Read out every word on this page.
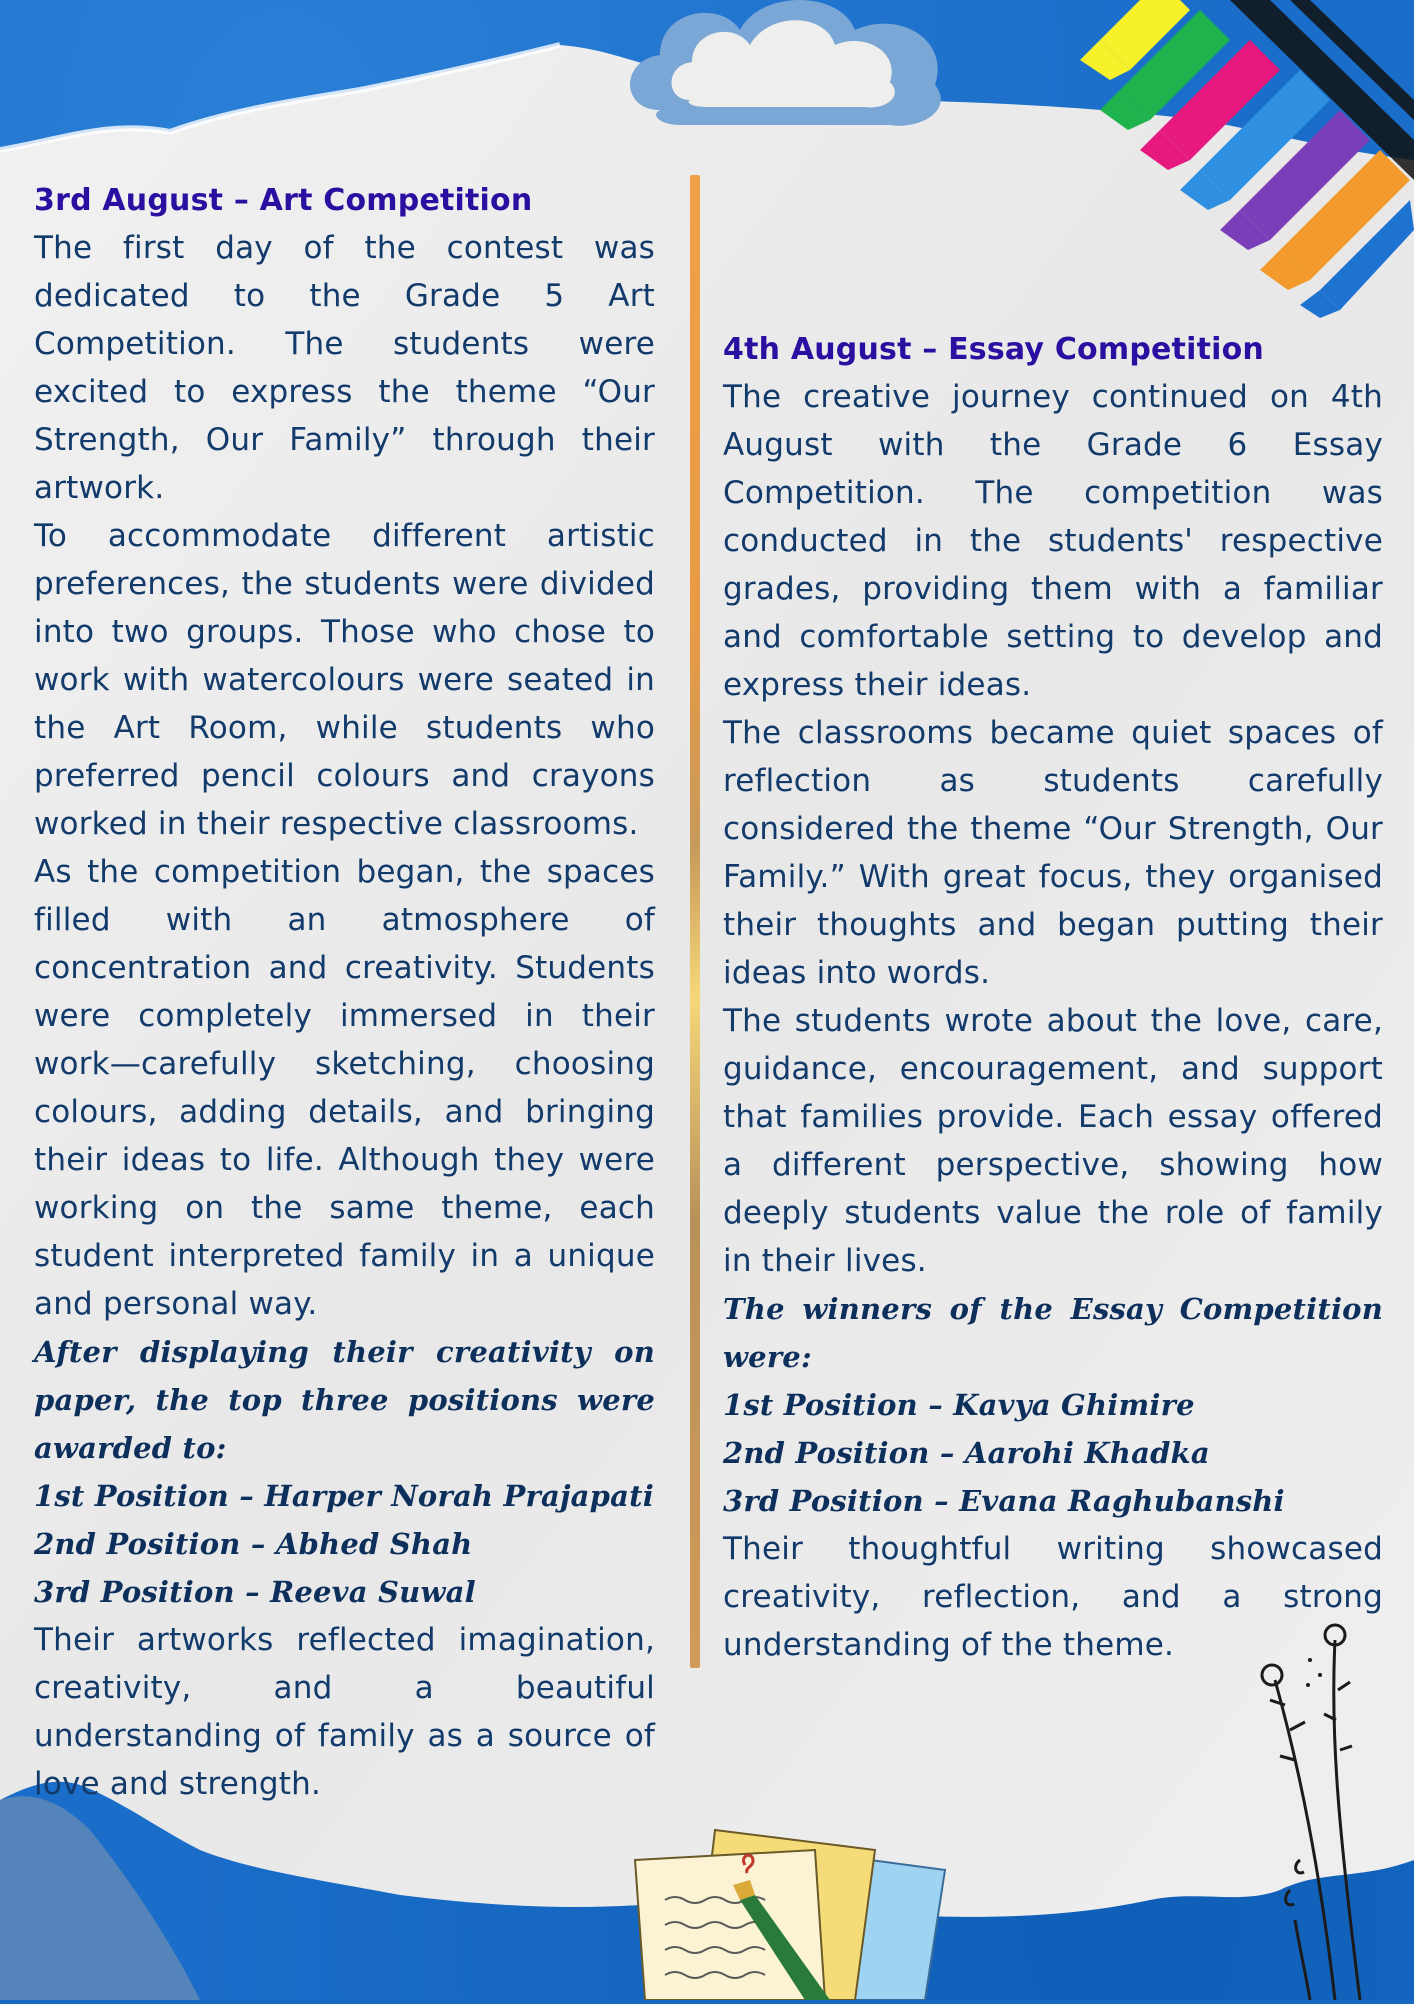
3rd August – Art Competition

The first day of the contest was dedicated to the Grade 5 Art Competition. The students were excited to express the theme “Our Strength, Our Family” through their artwork.

To accommodate different artistic preferences, the students were divided into two groups. Those who chose to work with watercolours were seated in the Art Room, while students who preferred pencil colours and crayons worked in their respective classrooms.

As the competition began, the spaces filled with an atmosphere of concentration and creativity. Students were completely immersed in their work—carefully sketching, choosing colours, adding details, and bringing their ideas to life. Although they were working on the same theme, each student interpreted family in a unique and personal way.

After displaying their creativity on paper, the top three positions were awarded to:

1st Position – Harper Norah Prajapati

2nd Position – Abhed Shah

3rd Position – Reeva Suwal

Their artworks reflected imagination, creativity, and a beautiful understanding of family as a source of love and strength.

4th August – Essay Competition

The creative journey continued on 4th August with the Grade 6 Essay Competition. The competition was conducted in the students' respective grades, providing them with a familiar and comfortable setting to develop and express their ideas.

The classrooms became quiet spaces of reflection as students carefully considered the theme “Our Strength, Our Family.” With great focus, they organised their thoughts and began putting their ideas into words.

The students wrote about the love, care, guidance, encouragement, and support that families provide. Each essay offered a different perspective, showing how deeply students value the role of family in their lives.

The winners of the Essay Competition were:

1st Position – Kavya Ghimire

2nd Position – Aarohi Khadka

3rd Position – Evana Raghubanshi

Their thoughtful writing showcased creativity, reflection, and a strong understanding of the theme.
